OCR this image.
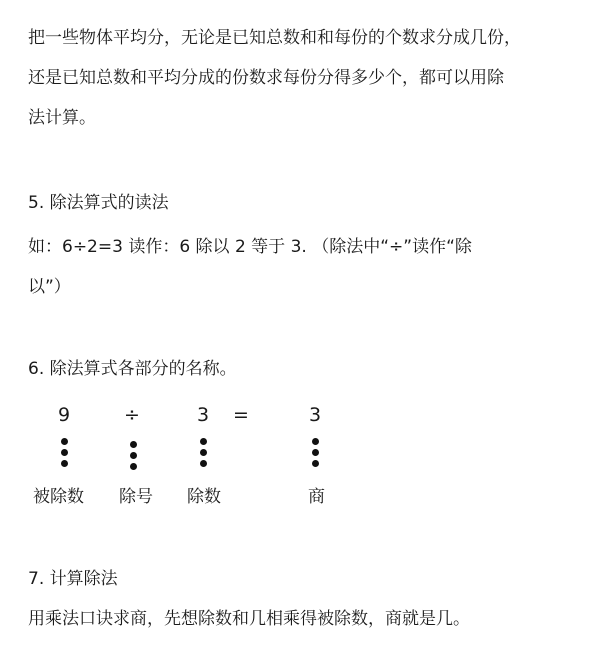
把一些物体平均分，无论是已知总数和和每份的个数求分成几份，
还是已知总数和平均分成的份数求每份分得多少个，都可以用除
法计算。
5. 除法算式的读法
如：6÷2=3 读作：6 除以 2 等于 3. （除法中“÷”读作“除
以”）
6. 除法算式各部分的名称。
9	÷	3	=	3
被除数 除号 除数	商
7. 计算除法
用乘法口诀求商，先想除数和几相乘得被除数，商就是几。
